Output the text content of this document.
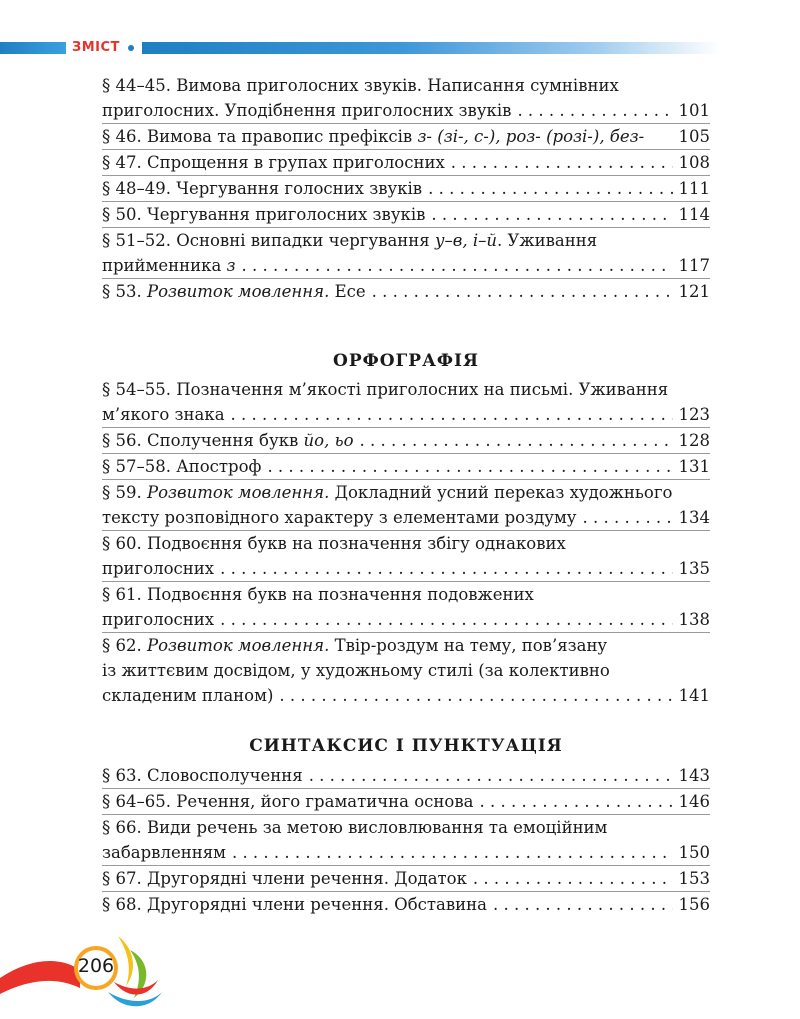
ЗМІСТ
§ 44–45. Вимова приголосних звуків. Написання сумнівних
приголосних. Уподібнення приголосних звуків . . .	101
§ 46. Вимова та правопис префіксів з- (зі-, с-), роз- (розі-), без- 105
§ 47. Спрощення в групах приголосних . . .	108
§ 48–49. Чергування голосних звуків . . .	111
§ 50. Чергування приголосних звуків . . .	114
§ 51–52. Основні випадки чергування у–в, і–й. Уживання
прийменника з . . .	117
§ 53. Розвиток мовлення. Есе . . .	121
ОРФОГРАФІЯ
§ 54–55. Позначення м’якості приголосних на письмі. Уживання
м’якого знака . . .	123
§ 56. Сполучення букв йо, ьо . . .	128
§ 57–58. Апостроф . . .	131
§ 59. Розвиток мовлення. Докладний усний переказ художнього
тексту розповідного характеру з елементами роздуму . . .	134
§ 60. Подвоєння букв на позначення збігу однакових
приголосних . . .	135
§ 61. Подвоєння букв на позначення подовжених
приголосних . . .	138
§ 62. Розвиток мовлення. Твір-роздум на тему, пов’язану
із життєвим досвідом, у художньому стилі (за колективно
складеним планом) . . .	141
СИНТАКСИС І ПУНКТУАЦІЯ
§ 63. Словосполучення . . .	143
§ 64–65. Речення, його граматична основа . . .	146
§ 66. Види речень за метою висловлювання та емоційним
забарвленням . . .	150
§ 67. Другорядні члени речення. Додаток . . .	153
§ 68. Другорядні члени речення. Обставина . . .	156
206
